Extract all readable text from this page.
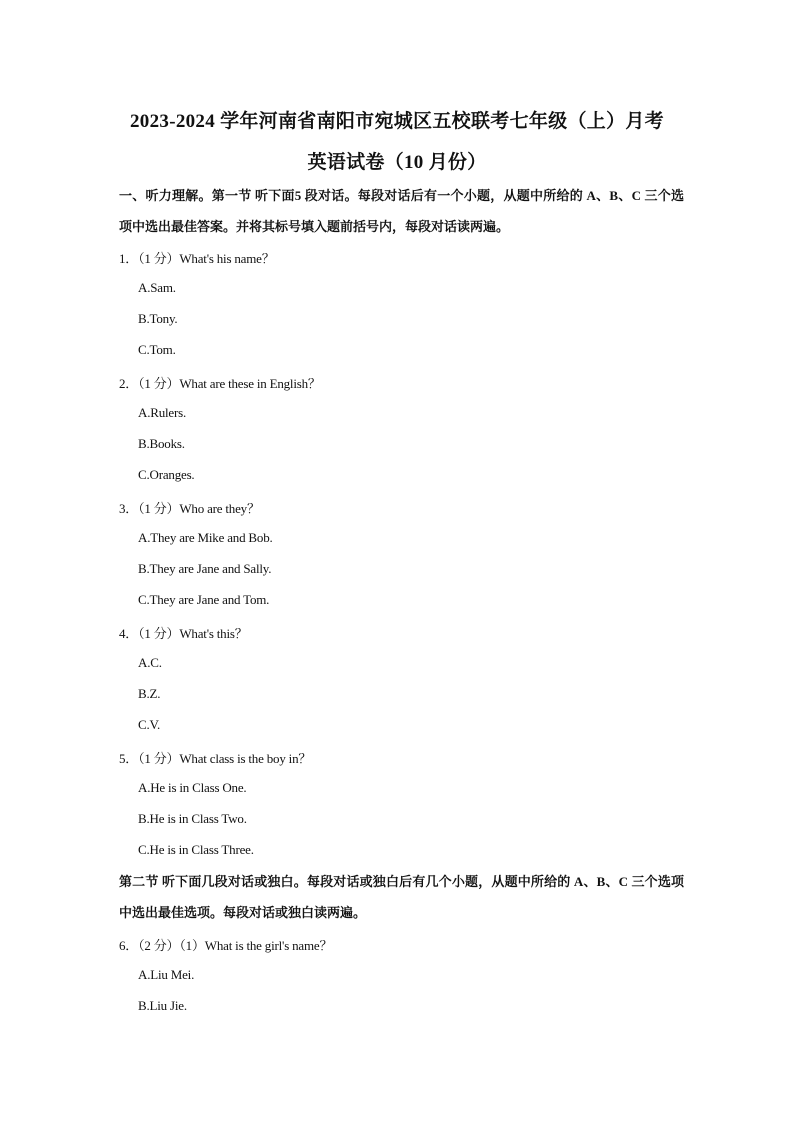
2023-2024 学年河南省南阳市宛城区五校联考七年级（上）月考
英语试卷（10 月份）
一、听力理解。第一节 听下面5 段对话。每段对话后有一个小题，从题中所给的 A、B、C 三个选项中选出最佳答案。并将其标号填入题前括号内，每段对话读两遍。
1．（1 分）What's his name？
A.Sam.
B.Tony.
C.Tom.
2．（1 分）What are these in English？
A.Rulers.
B.Books.
C.Oranges.
3．（1 分）Who are they？
A.They are Mike and Bob.
B.They are Jane and Sally.
C.They are Jane and Tom.
4．（1 分）What's this？
A.C.
B.Z.
C.V.
5．（1 分）What class is the boy in？
A.He is in Class One.
B.He is in Class Two.
C.He is in Class Three.
第二节 听下面几段对话或独白。每段对话或独白后有几个小题，从题中所给的 A、B、C 三个选项中选出最佳选项。每段对话或独白读两遍。
6．（2 分）（1）What is the girl's name？
A.Liu Mei.
B.Liu Jie.
